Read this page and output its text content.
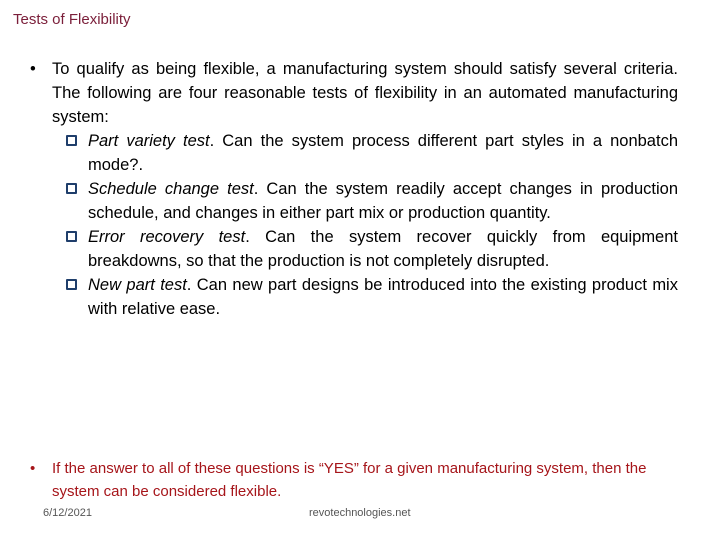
Tests of Flexibility
• To qualify as being flexible, a manufacturing system should satisfy several criteria. The following are four reasonable tests of flexibility in an automated manufacturing system:
Part variety test. Can the system process different part styles in a nonbatch mode?.
Schedule change test. Can the system readily accept changes in production schedule, and changes in either part mix or production quantity.
Error recovery test. Can the system recover quickly from equipment breakdowns, so that the production is not completely disrupted.
New part test. Can new part designs be introduced into the existing product mix with relative ease.
• If the answer to all of these questions is “YES” for a given manufacturing system, then the system can be considered flexible.
6/12/2021	revotechnologies.net
